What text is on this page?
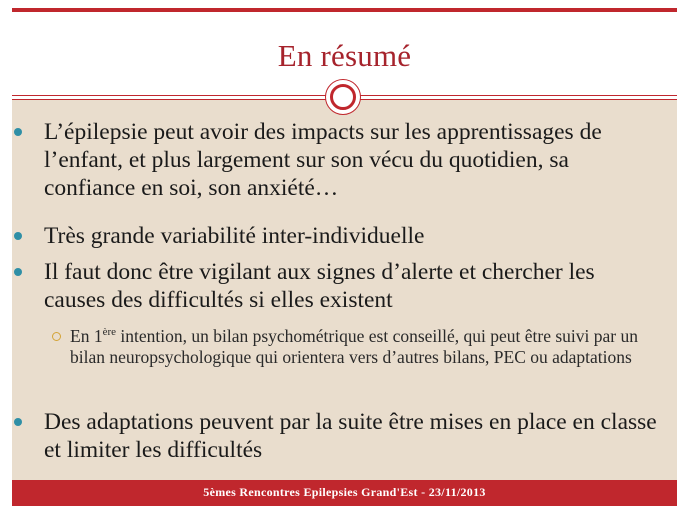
En résumé
L’épilepsie peut avoir des impacts sur les apprentissages de l’enfant, et plus largement sur son vécu du quotidien, sa confiance en soi, son anxiété…
Très grande variabilité inter-individuelle
Il faut donc être vigilant aux signes d’alerte et chercher les causes des difficultés si elles existent
En 1ère intention, un bilan psychométrique est conseillé, qui peut être suivi par un bilan neuropsychologique qui orientera vers d’autres bilans, PEC ou adaptations
Des adaptations peuvent par la suite être mises en place en classe et limiter les difficultés
5èmes Rencontres Epilepsies Grand'Est - 23/11/2013
